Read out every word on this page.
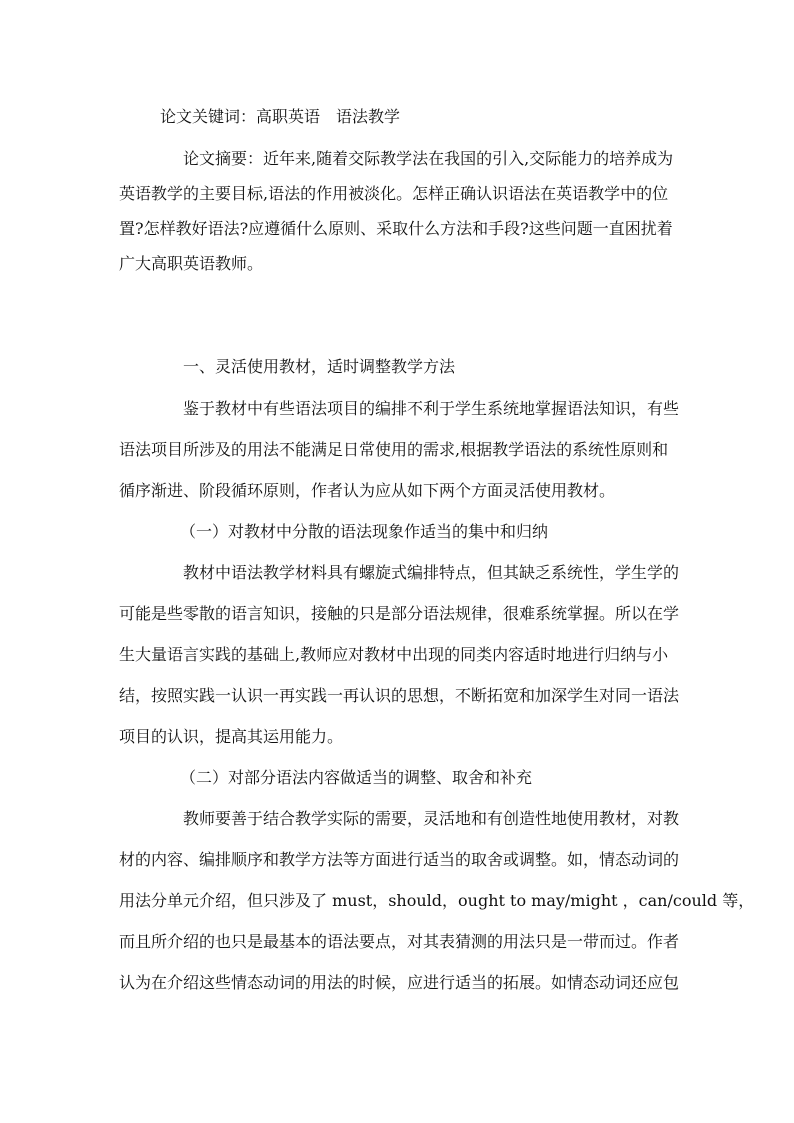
论文关键词：高职英语　语法教学
论文摘要：近年来,随着交际教学法在我国的引入,交际能力的培养成为
英语教学的主要目标,语法的作用被淡化。怎样正确认识语法在英语教学中的位
置?怎样教好语法?应遵循什么原则、采取什么方法和手段?这些问题一直困扰着
广大高职英语教师。
一、灵活使用教材，适时调整教学方法
鉴于教材中有些语法项目的编排不利于学生系统地掌握语法知识，有些
语法项目所涉及的用法不能满足日常使用的需求,根据教学语法的系统性原则和
循序渐进、阶段循环原则，作者认为应从如下两个方面灵活使用教材。
（一）对教材中分散的语法现象作适当的集中和归纳
教材中语法教学材料具有螺旋式编排特点，但其缺乏系统性，学生学的
可能是些零散的语言知识，接触的只是部分语法规律，很难系统掌握。所以在学
生大量语言实践的基础上,教师应对教材中出现的同类内容适时地进行归纳与小
结，按照实践一认识一再实践一再认识的思想，不断拓宽和加深学生对同一语法
项目的认识，提高其运用能力。
（二）对部分语法内容做适当的调整、取舍和补充
教师要善于结合教学实际的需要，灵活地和有创造性地使用教材，对教
材的内容、编排顺序和教学方法等方面进行适当的取舍或调整。如，情态动词的
用法分单元介绍，但只涉及了 must，should，ought to may/might ，can/could 等，
而且所介绍的也只是最基本的语法要点，对其表猜测的用法只是一带而过。作者
认为在介绍这些情态动词的用法的时候，应进行适当的拓展。如情态动词还应包
